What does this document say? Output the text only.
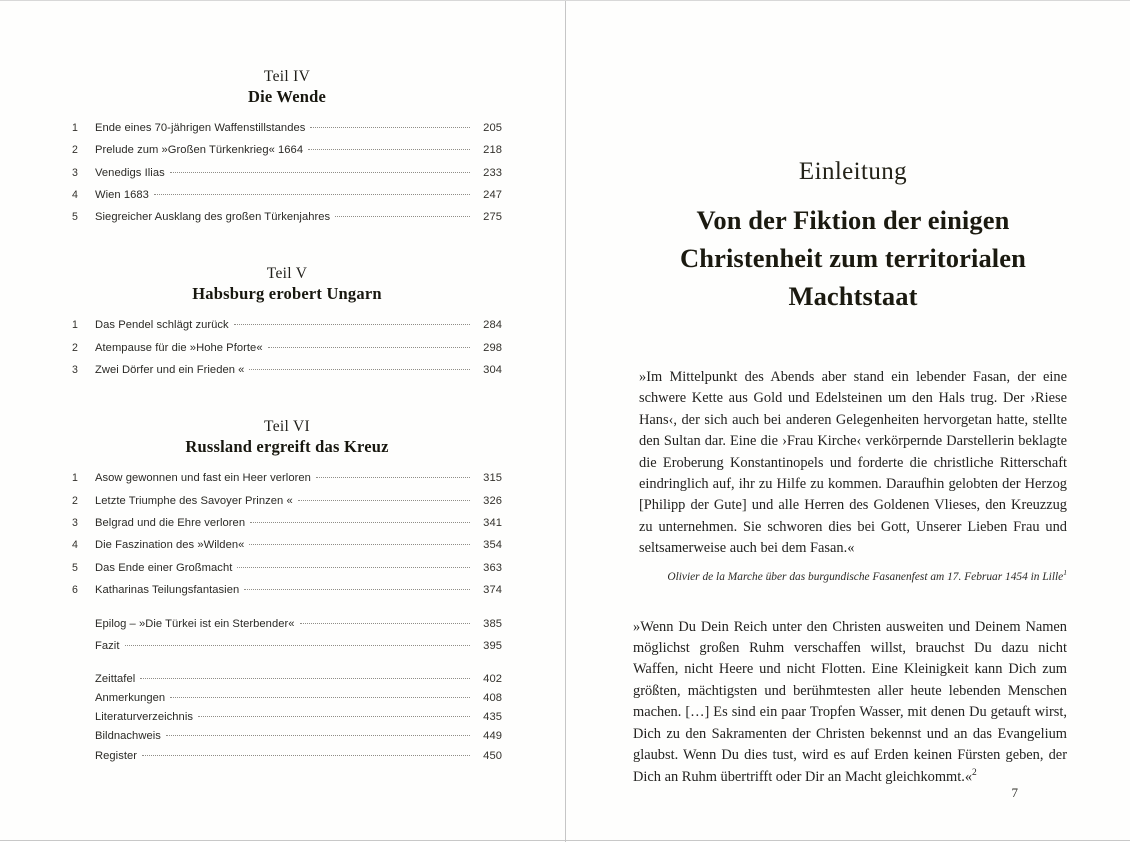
Teil IV
Die Wende
1	Ende eines 70-jährigen Waffenstillstandes	205
2	Prelude zum »Großen Türkenkrieg« 1664	218
3	Venedigs Ilias	233
4	Wien 1683	247
5	Siegreicher Ausklang des großen Türkenjahres	275
Teil V
Habsburg erobert Ungarn
1	Das Pendel schlägt zurück	284
2	Atempause für die »Hohe Pforte«	298
3	Zwei Dörfer und ein Frieden «	304
Teil VI
Russland ergreift das Kreuz
1	Asow gewonnen und fast ein Heer verloren	315
2	Letzte Triumphe des Savoyer Prinzen «	326
3	Belgrad und die Ehre verloren	341
4	Die Faszination des »Wilden«	354
5	Das Ende einer Großmacht	363
6	Katharinas Teilungsfantasien	374
Epilog – »Die Türkei ist ein Sterbender«	385
Fazit	395
Zeittafel	402
Anmerkungen	408
Literaturverzeichnis	435
Bildnachweis	449
Register	450
Einleitung
Von der Fiktion der einigen Christenheit zum territorialen Machtstaat
»Im Mittelpunkt des Abends aber stand ein lebender Fasan, der eine schwere Kette aus Gold und Edelsteinen um den Hals trug. Der ›Riese Hans‹, der sich auch bei anderen Gelegenheiten hervorgetan hatte, stellte den Sultan dar. Eine die ›Frau Kirche‹ verkörpernde Darstellerin beklagte die Eroberung Konstantinopels und forderte die christliche Ritterschaft eindringlich auf, ihr zu Hilfe zu kommen. Daraufhin gelobten der Herzog [Philipp der Gute] und alle Herren des Goldenen Vlieses, den Kreuzzug zu unternehmen. Sie schworen dies bei Gott, Unserer Lieben Frau und seltsamerweise auch bei dem Fasan.«
Olivier de la Marche über das burgundische Fasanenfest am 17. Februar 1454 in Lille$^1$
»Wenn Du Dein Reich unter den Christen ausweiten und Deinem Namen möglichst großen Ruhm verschaffen willst, brauchst Du dazu nicht Waffen, nicht Heere und nicht Flotten. Eine Kleinigkeit kann Dich zum größten, mächtigsten und berühmtesten aller heute lebenden Menschen machen. […] Es sind ein paar Tropfen Wasser, mit denen Du getauft wirst, Dich zu den Sakramenten der Christen bekennst und an das Evangelium glaubst. Wenn Du dies tust, wird es auf Erden keinen Fürsten geben, der Dich an Ruhm übertrifft oder Dir an Macht gleichkommt.«$^2$
7
